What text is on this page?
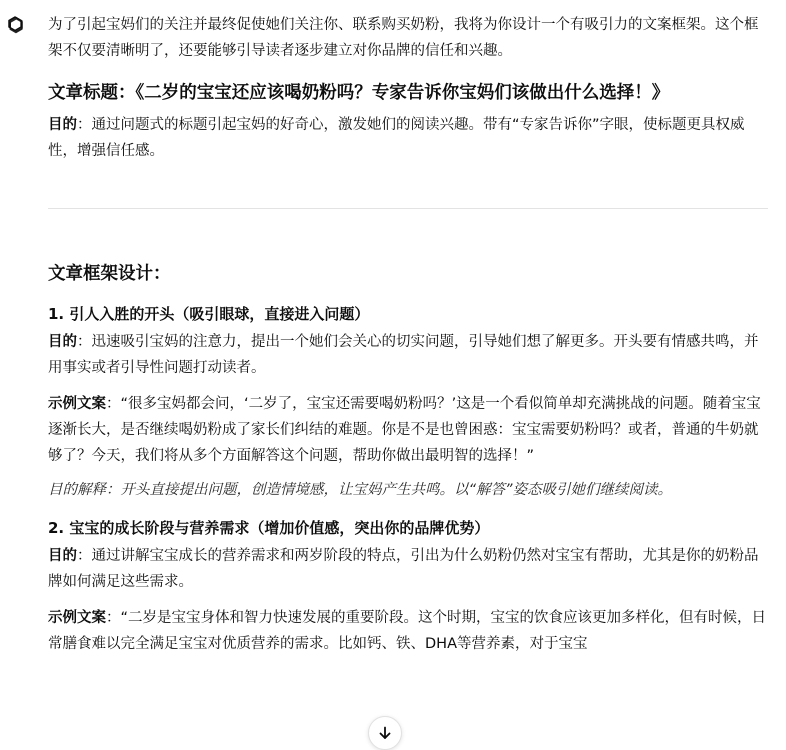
为了引起宝妈们的关注并最终促使她们关注你、联系购买奶粉，我将为你设计一个有吸引力的文案框架。这个框架不仅要清晰明了，还要能够引导读者逐步建立对你品牌的信任和兴趣。

文章标题：《二岁的宝宝还应该喝奶粉吗？专家告诉你宝妈们该做出什么选择！》

目的：通过问题式的标题引起宝妈的好奇心，激发她们的阅读兴趣。带有“专家告诉你”字眼，使标题更具权威性，增强信任感。

文章框架设计：

1. 引人入胜的开头（吸引眼球，直接进入问题）

目的：迅速吸引宝妈的注意力，提出一个她们会关心的切实问题，引导她们想了解更多。开头要有情感共鸣，并用事实或者引导性问题打动读者。

示例文案：“很多宝妈都会问，‘二岁了，宝宝还需要喝奶粉吗？’这是一个看似简单却充满挑战的问题。随着宝宝逐渐长大，是否继续喝奶粉成了家长们纠结的难题。你是不是也曾困惑：宝宝需要奶粉吗？或者，普通的牛奶就够了？今天，我们将从多个方面解答这个问题，帮助你做出最明智的选择！”

目的解释：开头直接提出问题，创造情境感，让宝妈产生共鸣。以“解答”姿态吸引她们继续阅读。

2. 宝宝的成长阶段与营养需求（增加价值感，突出你的品牌优势）

目的：通过讲解宝宝成长的营养需求和两岁阶段的特点，引出为什么奶粉仍然对宝宝有帮助，尤其是你的奶粉品牌如何满足这些需求。

示例文案：“二岁是宝宝身体和智力快速发展的重要阶段。这个时期，宝宝的饮食应该更加多样化，但有时候，日常膳食难以完全满足宝宝对优质营养的需求。比如钙、铁、DHA等营养素，对于宝宝
